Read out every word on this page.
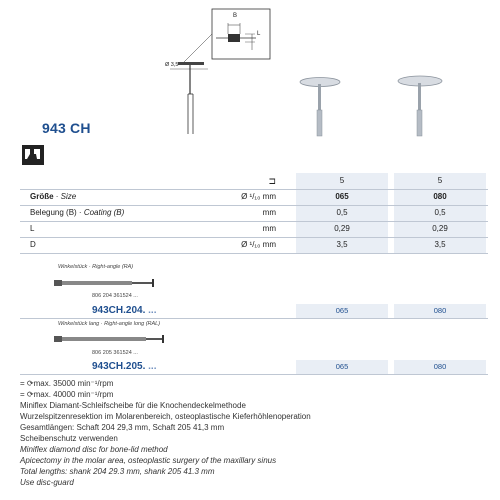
B
L
Ø 3,5
943 CH
⊐	5	5
Größe · Size	Ø ¹/₁₀ mm	065	080
Belegung (B) · Coating (B)	mm	0,5	0,5
L	mm	0,29	0,29
D	Ø ¹/₁₀ mm	3,5	3,5
Winkelstück · Right-angle (RA)
806 204 361524 ...
943CH.204. ...	065	080
Winkelstück lang · Right-angle long (RAL)
806 205 361524 ...
943CH.205. ...	065	080
= ⟳max. 35000 min⁻¹/rpm
= ⟳max. 40000 min⁻¹/rpm
Miniflex Diamant-Schleifscheibe für die Knochendeckelmethode
Wurzelspitzenresektion im Molarenbereich, osteoplastische Kieferhöhlenoperation
Gesamtlängen: Schaft 204 29,3 mm, Schaft 205 41,3 mm
Scheibenschutz verwenden
Miniflex diamond disc for bone-lid method
Apicectomy in the molar area, osteoplastic surgery of the maxillary sinus
Total lengths: shank 204 29.3 mm, shank 205 41.3 mm
Use disc-guard
